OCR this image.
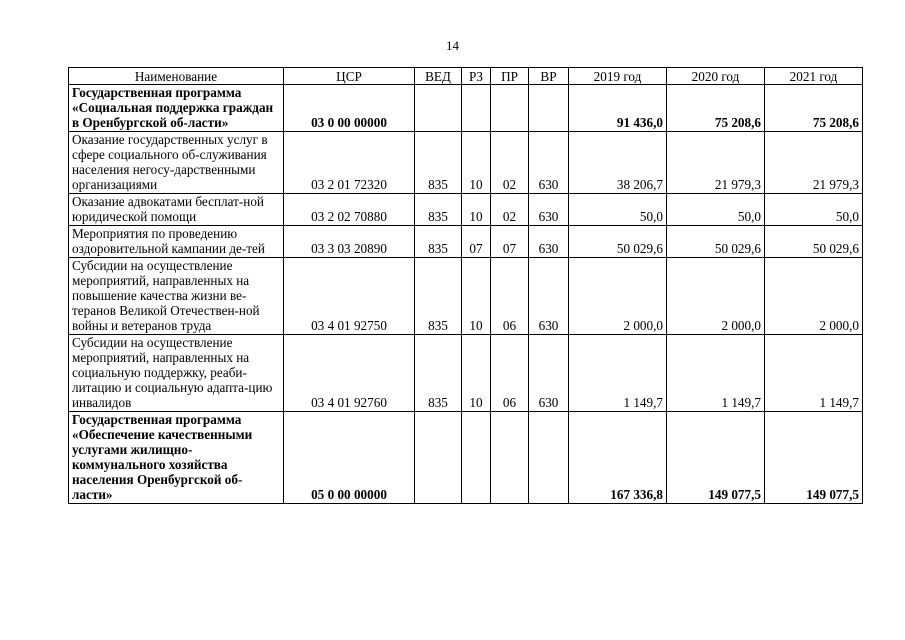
14
Наименование	ЦСР	ВЕД	РЗ	ПР	ВР	2019 год	2020 год	2021 год
Государственная программа «Социальная поддержка граждан в Оренбургской об-ласти»	03 0 00 00000					91 436,0	75 208,6	75 208,6
Оказание государственных услуг в сфере социального об-служивания населения негосу-дарственными организациями	03 2 01 72320	835	10	02	630	38 206,7	21 979,3	21 979,3
Оказание адвокатами бесплат-ной юридической помощи	03 2 02 70880	835	10	02	630	50,0	50,0	50,0
Мероприятия по проведению оздоровительной кампании де-тей	03 3 03 20890	835	07	07	630	50 029,6	50 029,6	50 029,6
Субсидии на осуществление мероприятий, направленных на повышение качества жизни ве-теранов Великой Отечествен-ной войны и ветеранов труда	03 4 01 92750	835	10	06	630	2 000,0	2 000,0	2 000,0
Субсидии на осуществление мероприятий, направленных на социальную поддержку, реаби-литацию и социальную адапта-цию инвалидов	03 4 01 92760	835	10	06	630	1 149,7	1 149,7	1 149,7
Государственная программа «Обеспечение качественными услугами жилищно-коммунального хозяйства населения Оренбургской об-ласти»	05 0 00 00000					167 336,8	149 077,5	149 077,5
